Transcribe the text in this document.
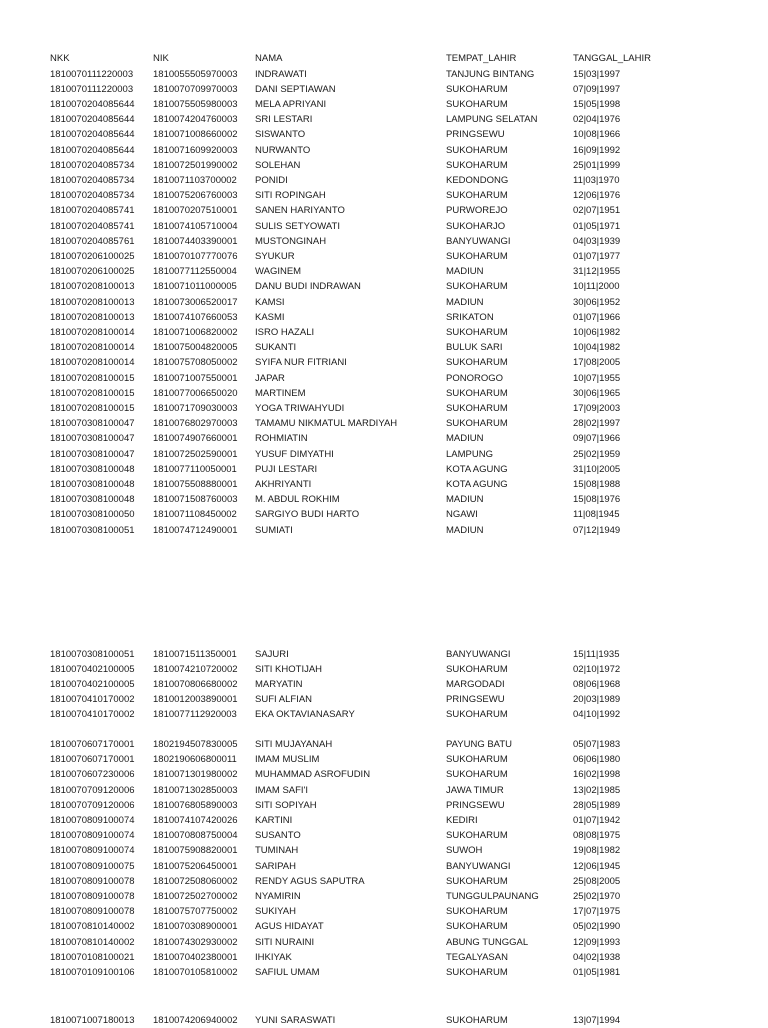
NKK	NIK	NAMA	TEMPAT_LAHIR	TANGGAL_LAHIR
1810070111220003 1810055505970003 INDRAWATI	TANJUNG BINTANG	15|03|1997
1810070111220003 1810070709970003 DANI SEPTIAWAN	SUKOHARUM	07|09|1997
1810070204085644 1810075505980003 MELA APRIYANI	SUKOHARUM	15|05|1998
1810070204085644 1810074204760003 SRI LESTARI	LAMPUNG SELATAN	02|04|1976
1810070204085644 1810071008660002 SISWANTO	PRINGSEWU	10|08|1966
1810070204085644 1810071609920003 NURWANTO	SUKOHARUM	16|09|1992
1810070204085734 1810072501990002 SOLEHAN	SUKOHARUM	25|01|1999
1810070204085734 1810071103700002 PONIDI	KEDONDONG	11|03|1970
1810070204085734 1810075206760003 SITI ROPINGAH	SUKOHARUM	12|06|1976
1810070204085741 1810070207510001 SANEN HARIYANTO	PURWOREJO	02|07|1951
1810070204085741 1810074105710004 SULIS SETYOWATI	SUKOHARJO	01|05|1971
1810070204085761 1810074403390001 MUSTONGINAH	BANYUWANGI	04|03|1939
1810070206100025 1810070107770076 SYUKUR	SUKOHARUM	01|07|1977
1810070206100025 1810077112550004 WAGINEM	MADIUN	31|12|1955
1810070208100013 1810071011000005 DANU BUDI INDRAWAN	SUKOHARUM	10|11|2000
1810070208100013 1810073006520017 KAMSI	MADIUN	30|06|1952
1810070208100013 1810074107660053 KASMI	SRIKATON	01|07|1966
1810070208100014 1810071006820002 ISRO HAZALI	SUKOHARUM	10|06|1982
1810070208100014 1810075004820005 SUKANTI	BULUK SARI	10|04|1982
1810070208100014 1810075708050002 SYIFA NUR FITRIANI	SUKOHARUM	17|08|2005
1810070208100015 1810071007550001 JAPAR	PONOROGO	10|07|1955
1810070208100015 1810077006650020 MARTINEM	SUKOHARUM	30|06|1965
1810070208100015 1810071709030003 YOGA TRIWAHYUDI	SUKOHARUM	17|09|2003
1810070308100047 1810076802970003 TAMAMU NIKMATUL MARDIYAH	SUKOHARUM	28|02|1997
1810070308100047 1810074907660001 ROHMIATIN	MADIUN	09|07|1966
1810070308100047 1810072502590001 YUSUF DIMYATHI	LAMPUNG	25|02|1959
1810070308100048 1810077110050001 PUJI LESTARI	KOTA AGUNG	31|10|2005
1810070308100048 1810075508880001 AKHRIYANTI	KOTA AGUNG	15|08|1988
1810070308100048 1810071508760003 M. ABDUL ROKHIM	MADIUN	15|08|1976
1810070308100050 1810071108450002 SARGIYO BUDI HARTO	NGAWI	11|08|1945
1810070308100051 1810074712490001 SUMIATI	MADIUN	07|12|1949
1810070308100051 1810071511350001 SAJURI	BANYUWANGI	15|11|1935
1810070402100005 1810074210720002 SITI KHOTIJAH	SUKOHARUM	02|10|1972
1810070402100005 1810070806680002 MARYATIN	MARGODADI	08|06|1968
1810070410170002 1810012003890001 SUFI ALFIAN	PRINGSEWU	20|03|1989
1810070410170002 1810077112920003 EKA OKTAVIANASARY	SUKOHARUM	04|10|1992
1810070607170001 1802194507830005 SITI MUJAYANAH	PAYUNG BATU	05|07|1983
1810070607170001 1802190606800011 IMAM MUSLIM	SUKOHARUM	06|06|1980
1810070607230006 1810071301980002 MUHAMMAD ASROFUDIN	SUKOHARUM	16|02|1998
1810070709120006 1810071302850003 IMAM SAFI'I	JAWA TIMUR	13|02|1985
1810070709120006 1810076805890003 SITI SOPIYAH	PRINGSEWU	28|05|1989
1810070809100074 1810074107420026 KARTINI	KEDIRI	01|07|1942
1810070809100074 1810070808750004 SUSANTO	SUKOHARUM	08|08|1975
1810070809100074 1810075908820001 TUMINAH	SUWOH	19|08|1982
1810070809100075 1810075206450001 SARIPAH	BANYUWANGI	12|06|1945
1810070809100078 1810072508060002 RENDY AGUS SAPUTRA	SUKOHARUM	25|08|2005
1810070809100078 1810072502700002 NYAMIRIN	TUNGGULPAUNANG	25|02|1970
1810070809100078 1810075707750002 SUKIYAH	SUKOHARUM	17|07|1975
1810070810140002 1810070308900001 AGUS HIDAYAT	SUKOHARUM	05|02|1990
1810070810140002 1810074302930002 SITI NURAINI	ABUNG TUNGGAL	12|09|1993
1810070108100021 1810070402380001 IHKIYAK	TEGALYASAN	04|02|1938
1810070109100106 1810070105810002 SAFIUL UMAM	SUKOHARUM	01|05|1981
1810071007180013 1810074206940002 YUNI SARASWATI	SUKOHARUM	13|07|1994
